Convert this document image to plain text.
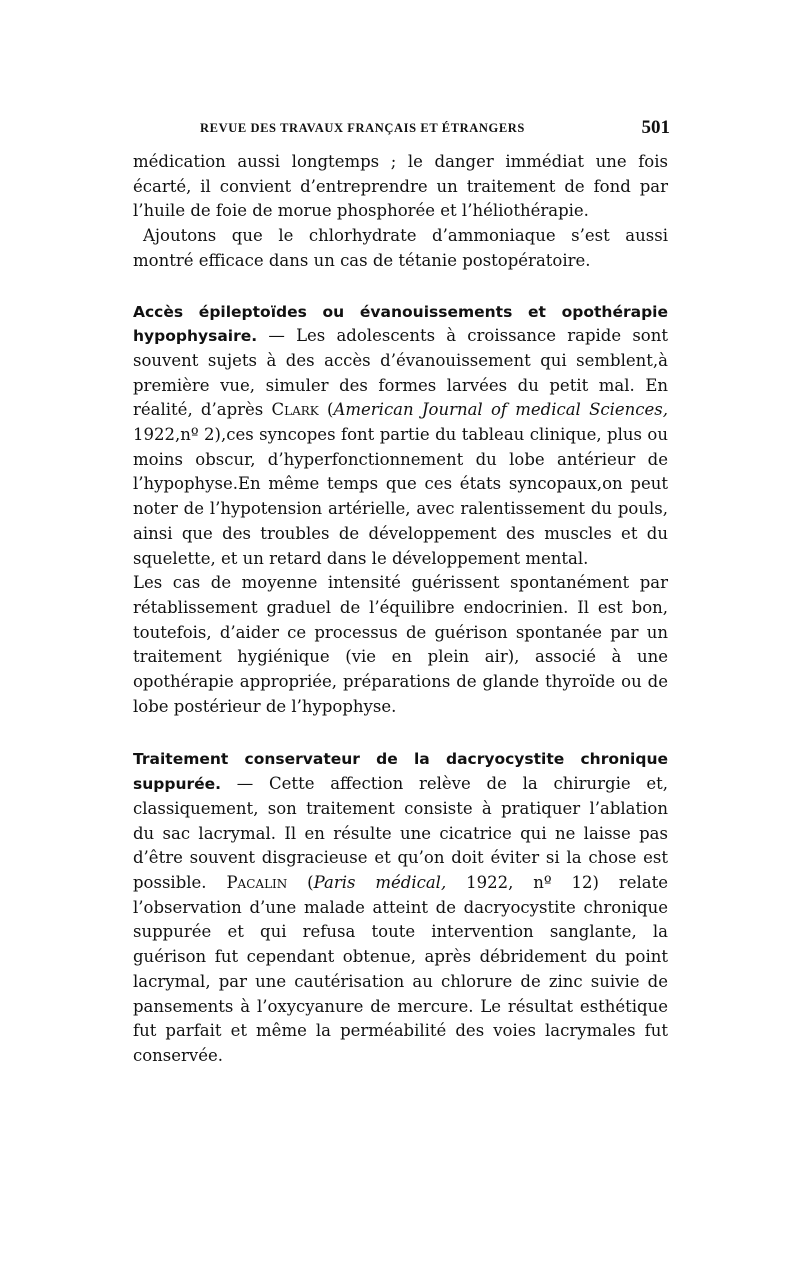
REVUE DES TRAVAUX FRANÇAIS ET ÉTRANGERS	501

médication aussi longtemps ; le danger immédiat une fois écarté, il convient d’entreprendre un traitement de fond par l’huile de foie de morue phosphorée et l’héliothérapie.

Ajoutons que le chlorhydrate d’ammoniaque s’est aussi montré efficace dans un cas de tétanie postopératoire.

Accès épileptoïdes ou évanouissements et opothérapie hypophysaire. — Les adolescents à croissance rapide sont souvent sujets à des accès d’évanouissement qui semblent,à première vue, simuler des formes larvées du petit mal. En réalité, d’après Clark (American Journal of medical Sciences, 1922,nº 2),ces syncopes font partie du tableau clinique, plus ou moins obscur, d’hyperfonctionnement du lobe antérieur de l’hypophyse.En même temps que ces états syncopaux,on peut noter de l’hypotension artérielle, avec ralentissement du pouls, ainsi que des troubles de développement des muscles et du squelette, et un retard dans le développement mental.

Les cas de moyenne intensité guérissent spontanément par rétablissement graduel de l’équilibre endocrinien. Il est bon, toutefois, d’aider ce processus de guérison spontanée par un traitement hygiénique (vie en plein air), associé à une opothérapie appropriée, préparations de glande thyroïde ou de lobe postérieur de l’hypophyse.

Traitement conservateur de la dacryocystite chronique suppurée. — Cette affection relève de la chirurgie et, classiquement, son traitement consiste à pratiquer l’ablation du sac lacrymal. Il en résulte une cicatrice qui ne laisse pas d’être souvent disgracieuse et qu’on doit éviter si la chose est possible. Pacalin (Paris médical, 1922, nº 12) relate l’observation d’une malade atteint de dacryocystite chronique suppurée et qui refusa toute intervention sanglante, la guérison fut cependant obtenue, après débridement du point lacrymal, par une cautérisation au chlorure de zinc suivie de pansements à l’oxycyanure de mercure. Le résultat esthétique fut parfait et même la perméabilité des voies lacrymales fut conservée.
